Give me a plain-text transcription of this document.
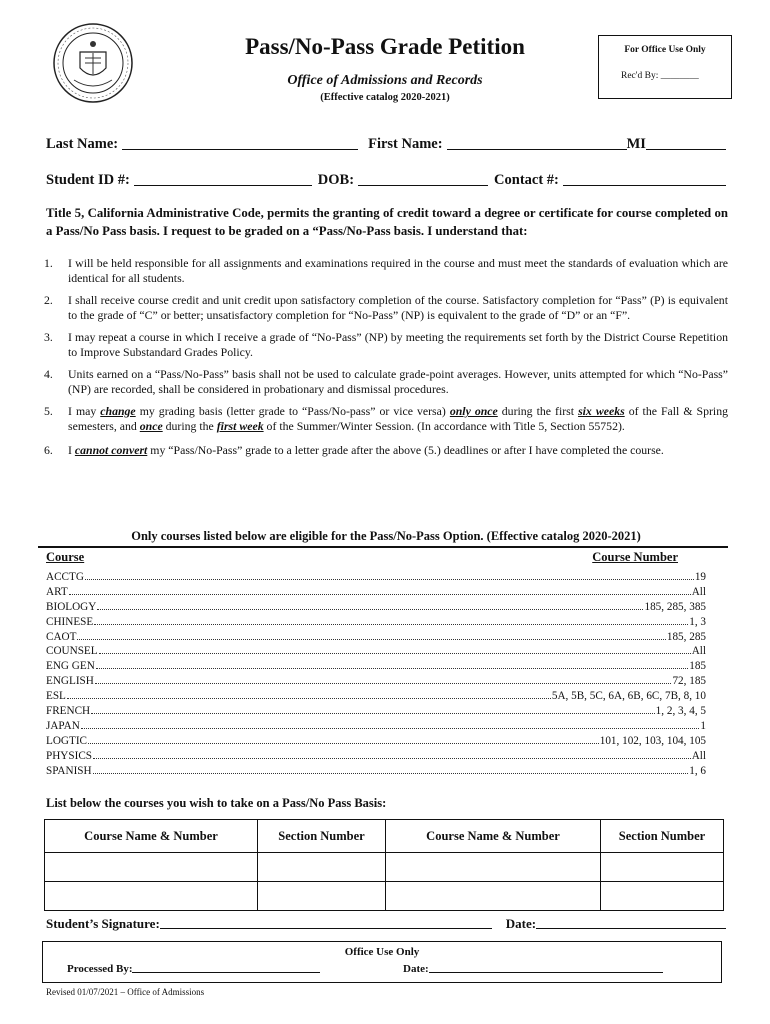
Pass/No-Pass Grade Petition
Office of Admissions and Records
(Effective catalog 2020-2021)
For Office Use Only
Rec'd By: ________
Last Name:	First Name:	MI
Student ID #:	DOB:	Contact #:
Title 5, California Administrative Code, permits the granting of credit toward a degree or certificate for course completed on a Pass/No Pass basis. I request to be graded on a “Pass/No-Pass basis. I understand that:
1. I will be held responsible for all assignments and examinations required in the course and must meet the standards of evaluation which are identical for all students.
2. I shall receive course credit and unit credit upon satisfactory completion of the course. Satisfactory completion for “Pass” (P) is equivalent to the grade of “C” or better; unsatisfactory completion for “No-Pass” (NP) is equivalent to the grade of “D” or an “F”.
3. I may repeat a course in which I receive a grade of “No-Pass” (NP) by meeting the requirements set forth by the District Course Repetition to Improve Substandard Grades Policy.
4. Units earned on a “Pass/No-Pass” basis shall not be used to calculate grade-point averages. However, units attempted for which “No-Pass” (NP) are recorded, shall be considered in probationary and dismissal procedures.
5. I may change my grading basis (letter grade to “Pass/No-pass” or vice versa) only once during the first six weeks of the Fall & Spring semesters, and once during the first week of the Summer/Winter Session. (In accordance with Title 5, Section 55752).
6. I cannot convert my “Pass/No-Pass” grade to a letter grade after the above (5.) deadlines or after I have completed the course.
Only courses listed below are eligible for the Pass/No-Pass Option. (Effective catalog 2020-2021)
Course	Course Number
ACCTG	19
ART	All
BIOLOGY	185, 285, 385
CHINESE	1, 3
CAOT	185, 285
COUNSEL	All
ENG GEN	185
ENGLISH	72, 185
ESL	5A, 5B, 5C, 6A, 6B, 6C, 7B, 8, 10
FRENCH	1, 2, 3, 4, 5
JAPAN	1
LOGTIC	101, 102, 103, 104, 105
PHYSICS	All
SPANISH	1, 6
List below the courses you wish to take on a Pass/No Pass Basis:
Course Name & Number	Section Number	Course Name & Number	Section Number

Student’s Signature:	Date:
Office Use Only
Processed By:	Date:
Revised 01/07/2021 – Office of Admissions
